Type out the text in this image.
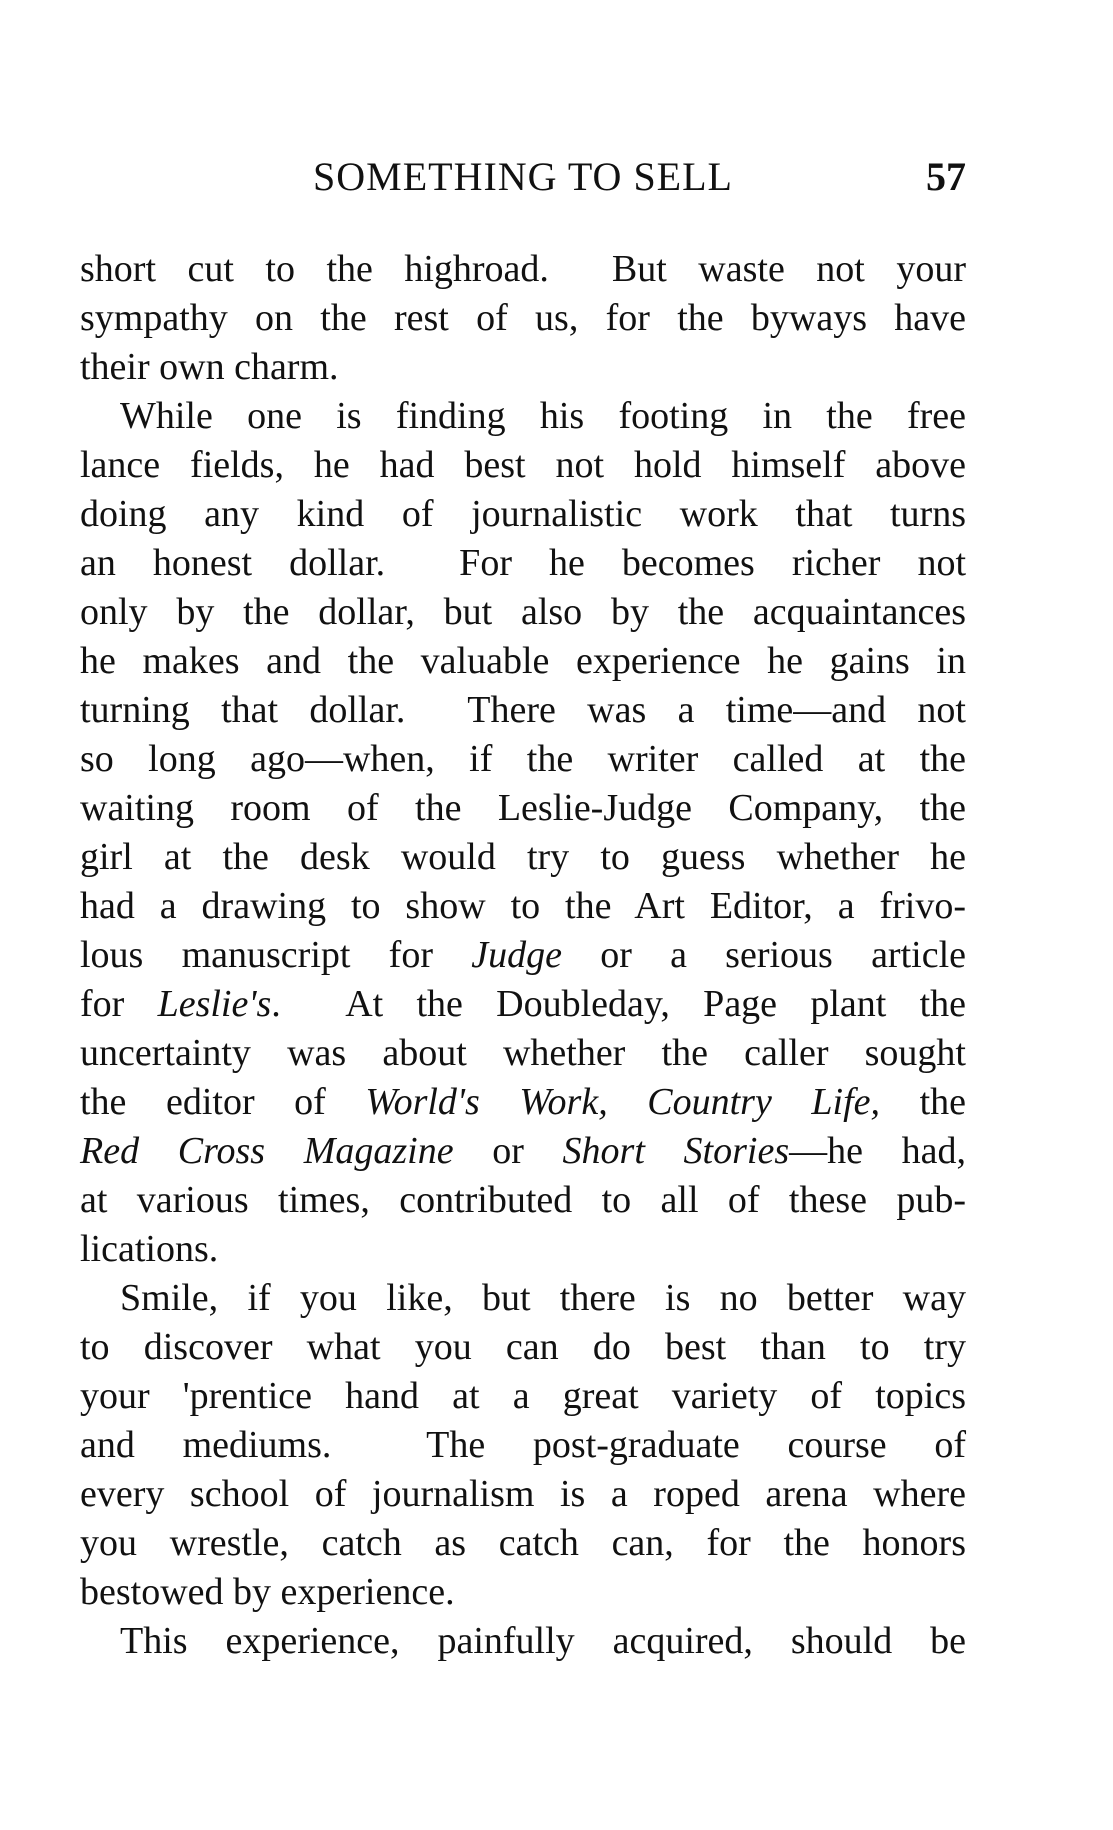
SOMETHING TO SELL	57
short cut to the highroad.  But waste not your
sympathy on the rest of us, for the byways have
their own charm.
While one is finding his footing in the free
lance fields, he had best not hold himself above
doing any kind of journalistic work that turns
an honest dollar.  For he becomes richer not
only by the dollar, but also by the acquaintances
he makes and the valuable experience he gains in
turning that dollar.  There was a time—and not
so long ago—when, if the writer called at the
waiting room of the Leslie-Judge Company, the
girl at the desk would try to guess whether he
had a drawing to show to the Art Editor, a frivo-
lous manuscript for Judge or a serious article
for Leslie's.  At the Doubleday, Page plant the
uncertainty was about whether the caller sought
the editor of World's Work, Country Life, the
Red Cross Magazine or Short Stories—he had,
at various times, contributed to all of these pub-
lications.
Smile, if you like, but there is no better way
to discover what you can do best than to try
your 'prentice hand at a great variety of topics
and mediums.  The post-graduate course of
every school of journalism is a roped arena where
you wrestle, catch as catch can, for the honors
bestowed by experience.
This experience, painfully acquired, should be
